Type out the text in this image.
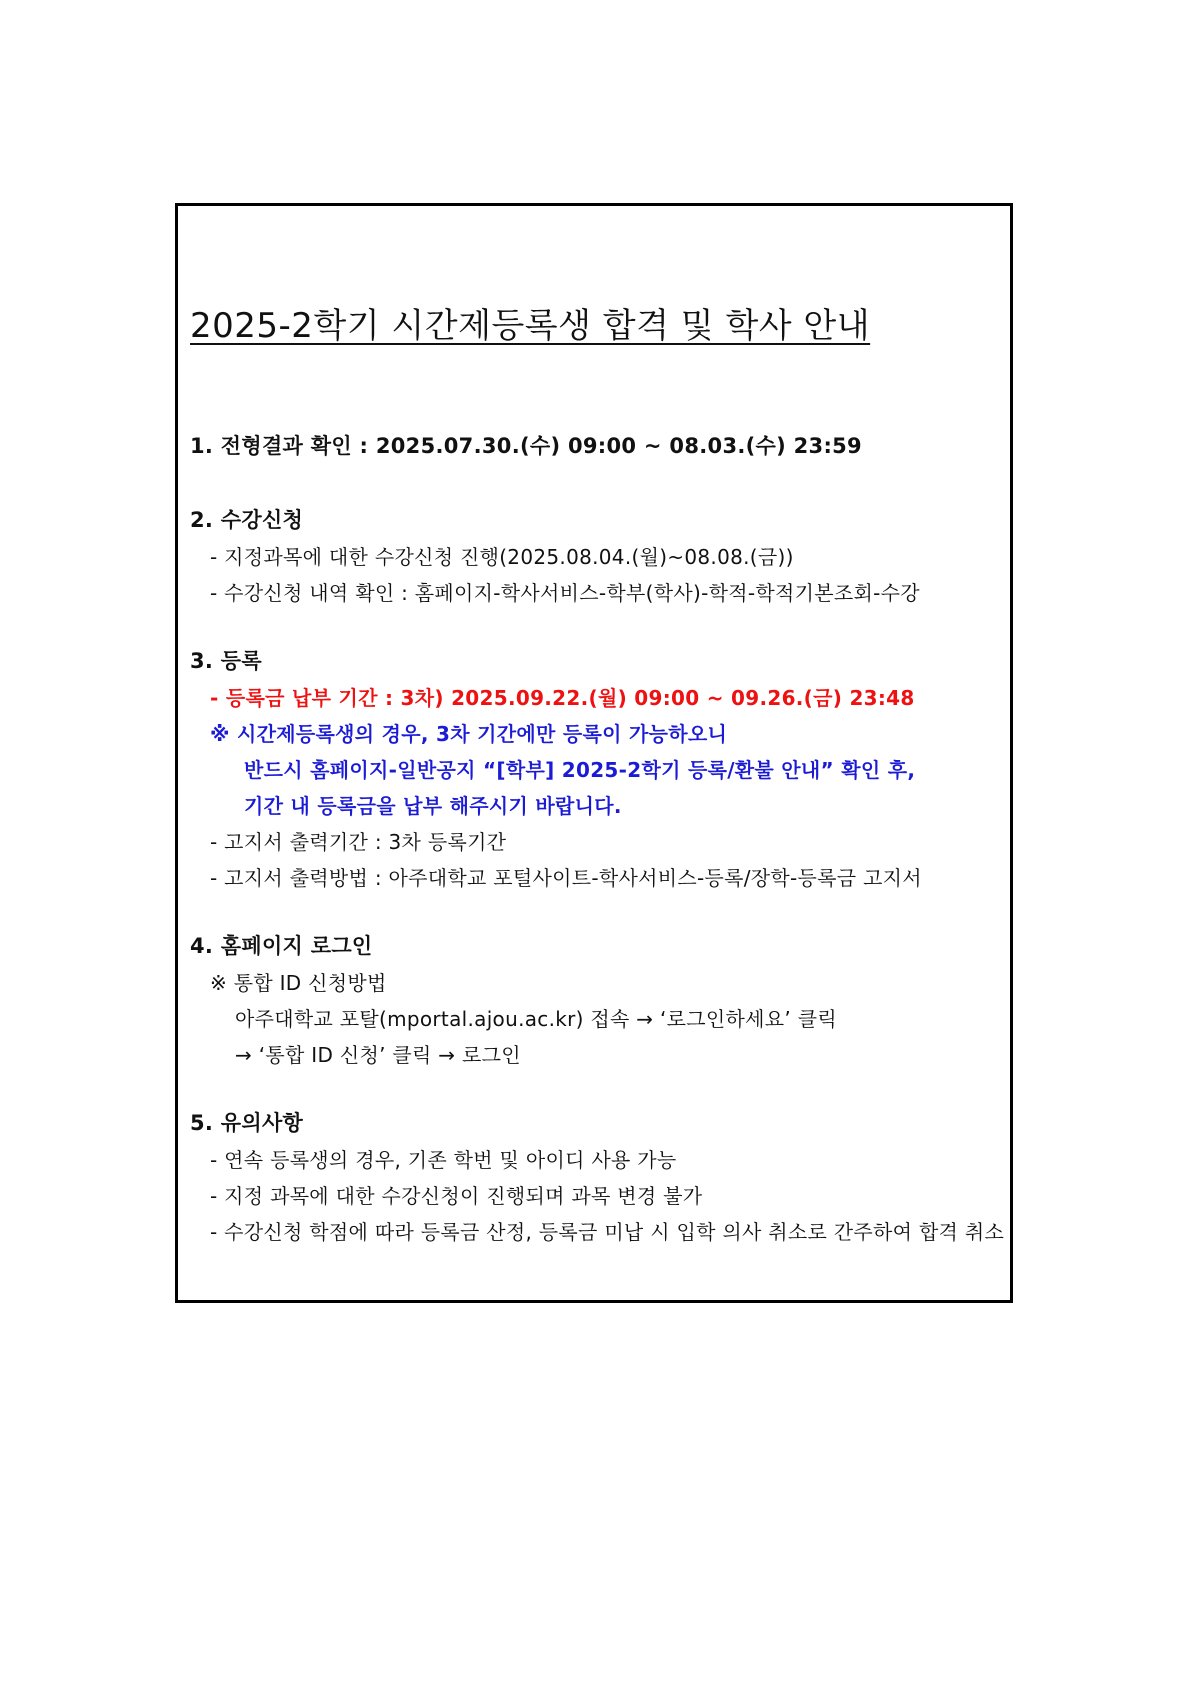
2025-2학기 시간제등록생 합격 및 학사 안내
1. 전형결과 확인 : 2025.07.30.(수) 09:00 ~ 08.03.(수) 23:59
2. 수강신청
- 지정과목에 대한 수강신청 진행(2025.08.04.(월)~08.08.(금))
- 수강신청 내역 확인 : 홈페이지-학사서비스-학부(학사)-학적-학적기본조회-수강
3. 등록
- 등록금 납부 기간 : 3차) 2025.09.22.(월) 09:00 ~ 09.26.(금) 23:48
※ 시간제등록생의 경우, 3차 기간에만 등록이 가능하오니
반드시 홈페이지-일반공지 “[학부] 2025-2학기 등록/환불 안내” 확인 후,
기간 내 등록금을 납부 해주시기 바랍니다.
- 고지서 출력기간 : 3차 등록기간
- 고지서 출력방법 : 아주대학교 포털사이트-학사서비스-등록/장학-등록금 고지서
4. 홈페이지 로그인
※ 통합 ID 신청방법
아주대학교 포탈(mportal.ajou.ac.kr) 접속 → ‘로그인하세요’ 클릭
→ ‘통합 ID 신청’ 클릭 → 로그인
5. 유의사항
- 연속 등록생의 경우, 기존 학번 및 아이디 사용 가능
- 지정 과목에 대한 수강신청이 진행되며 과목 변경 불가
- 수강신청 학점에 따라 등록금 산정, 등록금 미납 시 입학 의사 취소로 간주하여 합격 취소
